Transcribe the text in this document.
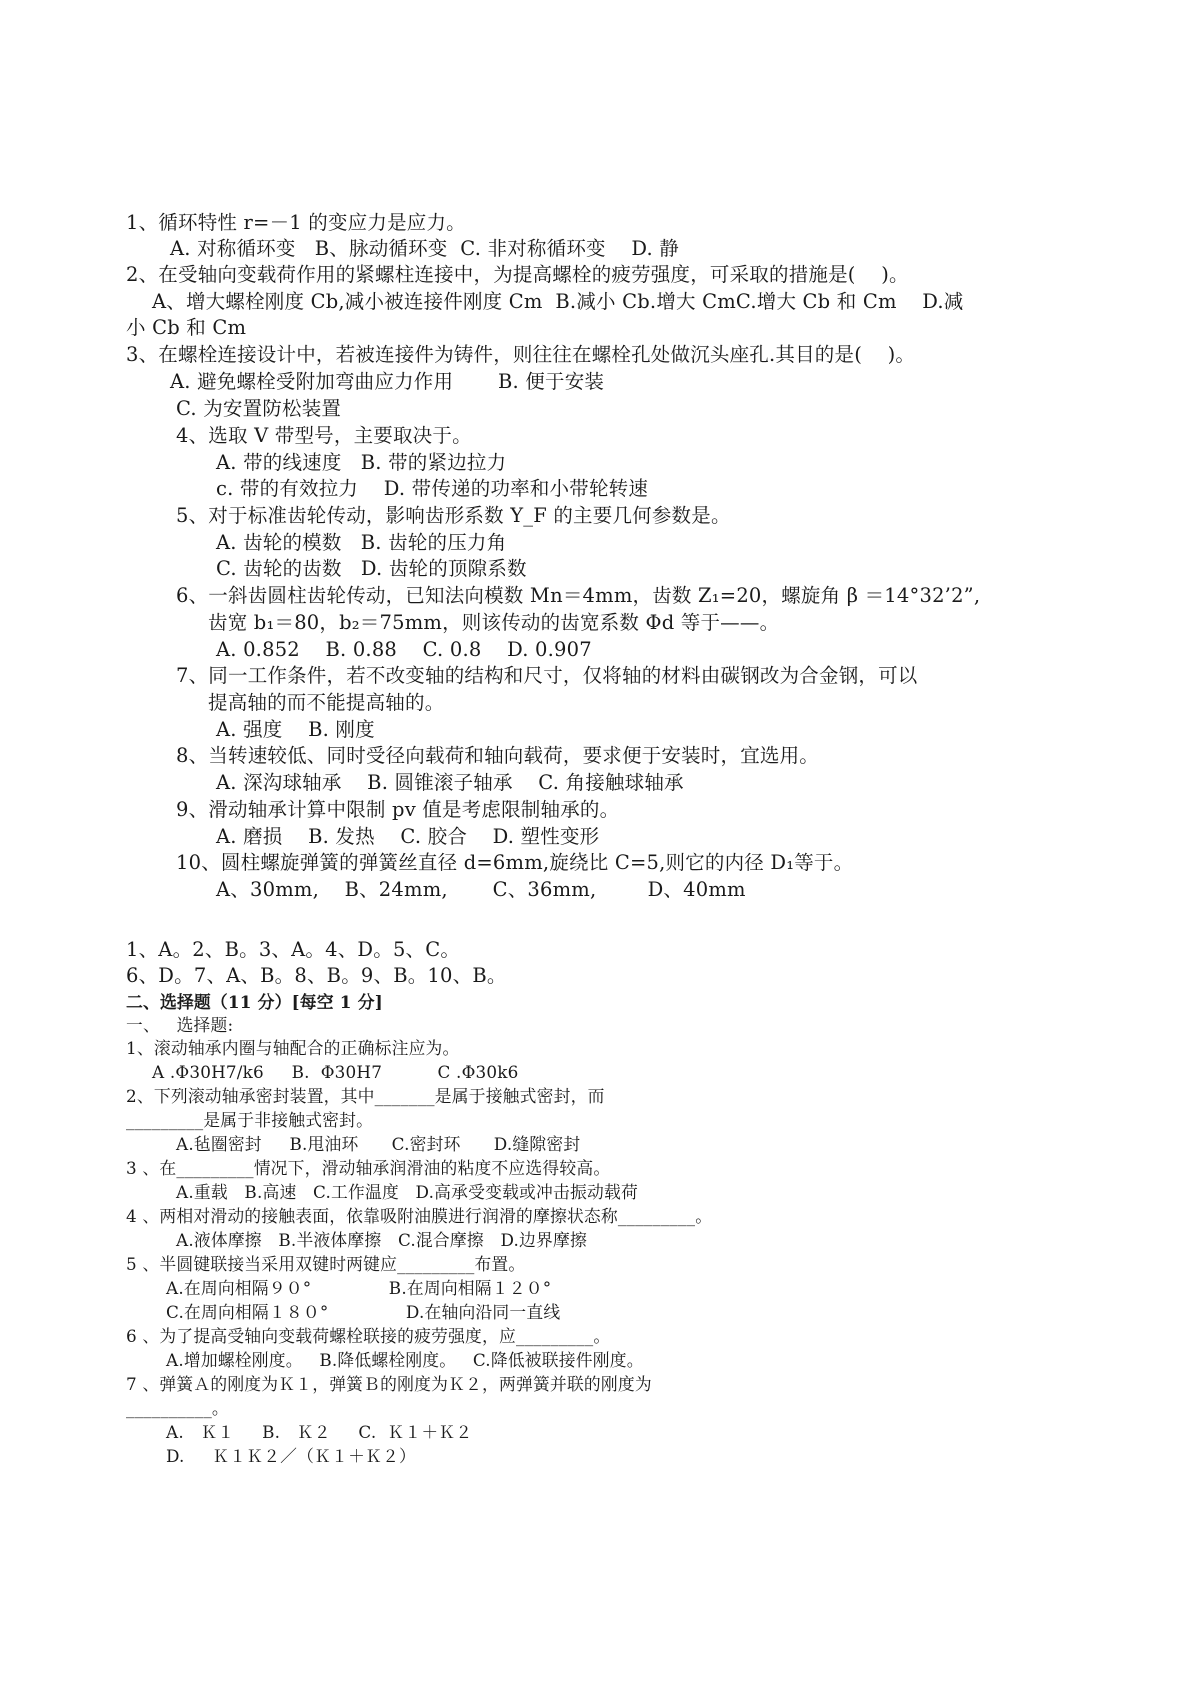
1、循环特性 r=－1 的变应力是应力。
A. 对称循环变   B、脉动循环变  C. 非对称循环变    D. 静
2、在受轴向变载荷作用的紧螺柱连接中，为提高螺栓的疲劳强度，可采取的措施是(    )。
A、增大螺栓刚度 Cb,减小被连接件刚度 Cm  B.减小 Cb.增大 CmC.增大 Cb 和 Cm    D.减
小 Cb 和 Cm
3、在螺栓连接设计中，若被连接件为铸件，则往往在螺栓孔处做沉头座孔.其目的是(    )。
A. 避免螺栓受附加弯曲应力作用       B. 便于安装
C. 为安置防松装置
4、选取 V 带型号，主要取决于。
A. 带的线速度   B. 带的紧边拉力
c. 带的有效拉力    D. 带传递的功率和小带轮转速
5、对于标准齿轮传动，影响齿形系数 Y_F 的主要几何参数是。
A. 齿轮的模数   B. 齿轮的压力角
C. 齿轮的齿数   D. 齿轮的顶隙系数
6、一斜齿圆柱齿轮传动，已知法向模数 Mn＝4mm，齿数 Z₁=20，螺旋角 β ＝14°32’2”,
齿宽 b₁＝80，b₂＝75mm，则该传动的齿宽系数 Φd 等于——。
A. 0.852    B. 0.88    C. 0.8    D. 0.907
7、同一工作条件，若不改变轴的结构和尺寸，仅将轴的材料由碳钢改为合金钢，可以
提高轴的而不能提高轴的。
A. 强度    B. 刚度
8、当转速较低、同时受径向载荷和轴向载荷，要求便于安装时，宜选用。
A. 深沟球轴承    B. 圆锥滚子轴承    C. 角接触球轴承
9、滑动轴承计算中限制 pv 值是考虑限制轴承的。
A. 磨损    B. 发热    C. 胶合    D. 塑性变形
10、圆柱螺旋弹簧的弹簧丝直径 d=6mm,旋绕比 C=5,则它的内径 D₁等于。
A、30mm,    B、24mm,       C、36mm,        D、40mm
1、A。2、B。3、A。4、D。5、C。
6、D。7、A、B。8、B。9、B。10、B。
二、选择题（11 分）[每空 1 分]
一、   选择题:
1、滚动轴承内圈与轴配合的正确标注应为。
A .Φ30H7/k6     B.  Φ30H7          C .Φ30k6
2、下列滚动轴承密封装置，其中_______是属于接触式密封，而
_________是属于非接触式密封。
A.毡圈密封     B.甩油环      C.密封环      D.缝隙密封
3 、在_________情况下，滑动轴承润滑油的粘度不应选得较高。
A.重载   B.高速   C.工作温度   D.高承受变载或冲击振动载荷
4 、两相对滑动的接触表面，依靠吸附油膜进行润滑的摩擦状态称_________。
A.液体摩擦   B.半液体摩擦   C.混合摩擦   D.边界摩擦
5 、半圆键联接当采用双键时两键应_________布置。
A.在周向相隔９０°              B.在周向相隔１２０°
C.在周向相隔１８０°              D.在轴向沿同一直线
6 、为了提高受轴向变载荷螺栓联接的疲劳强度，应_________。
A.增加螺栓刚度。   B.降低螺栓刚度。   C.降低被联接件刚度。
7 、弹簧Ａ的刚度为Ｋ１，弹簧Ｂ的刚度为Ｋ２，两弹簧并联的刚度为
__________。
A.   Ｋ１     B.   Ｋ２     C.  Ｋ１＋Ｋ２
D.     Ｋ１Ｋ２／（Ｋ１＋Ｋ２）
